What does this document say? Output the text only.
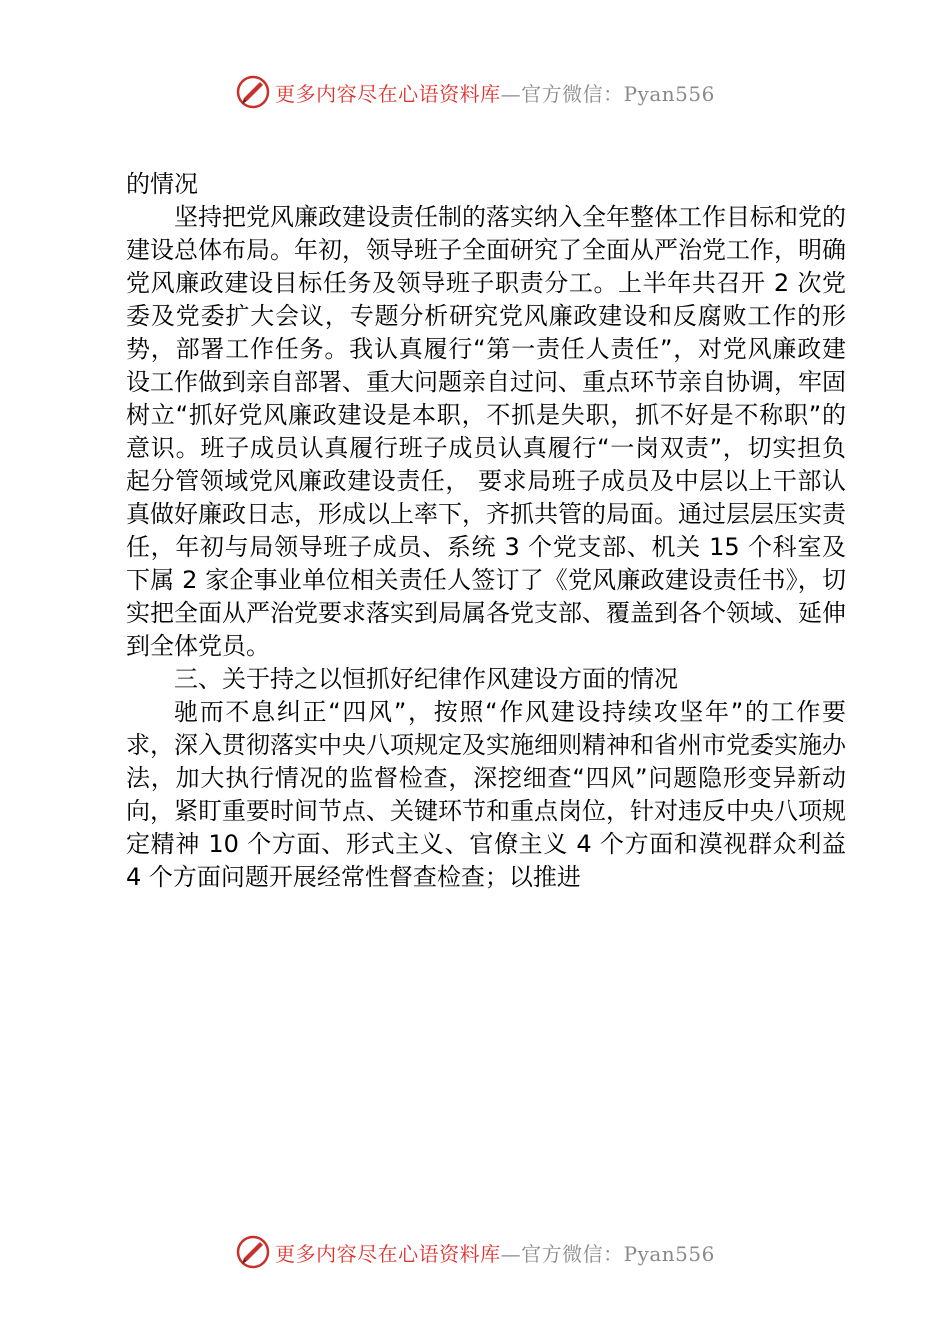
更多内容尽在心语资料库—官方微信：Pyan556

的情况

坚持把党风廉政建设责任制的落实纳入全年整体工作目标和党的建设总体布局。年初，领导班子全面研究了全面从严治党工作，明确党风廉政建设目标任务及领导班子职责分工。上半年共召开 2 次党委及党委扩大会议，专题分析研究党风廉政建设和反腐败工作的形势，部署工作任务。我认真履行“第一责任人责任”，对党风廉政建设工作做到亲自部署、重大问题亲自过问、重点环节亲自协调，牢固树立“抓好党风廉政建设是本职，不抓是失职，抓不好是不称职”的意识。班子成员认真履行班子成员认真履行“一岗双责”，切实担负起分管领域党风廉政建设责任， 要求局班子成员及中层以上干部认真做好廉政日志，形成以上率下，齐抓共管的局面。通过层层压实责任，年初与局领导班子成员、系统 3 个党支部、机关 15 个科室及下属 2 家企事业单位相关责任人签订了《党风廉政建设责任书》，切实把全面从严治党要求落实到局属各党支部、覆盖到各个领域、延伸到全体党员。

三、关于持之以恒抓好纪律作风建设方面的情况

驰而不息纠正“四风”，按照“作风建设持续攻坚年”的工作要求，深入贯彻落实中央八项规定及实施细则精神和省州市党委实施办法，加大执行情况的监督检查，深挖细查“四风”问题隐形变异新动向，紧盯重要时间节点、关键环节和重点岗位，针对违反中央八项规定精神 10 个方面、形式主义、官僚主义 4 个方面和漠视群众利益 4 个方面问题开展经常性督查检查；以推进

更多内容尽在心语资料库—官方微信：Pyan556
